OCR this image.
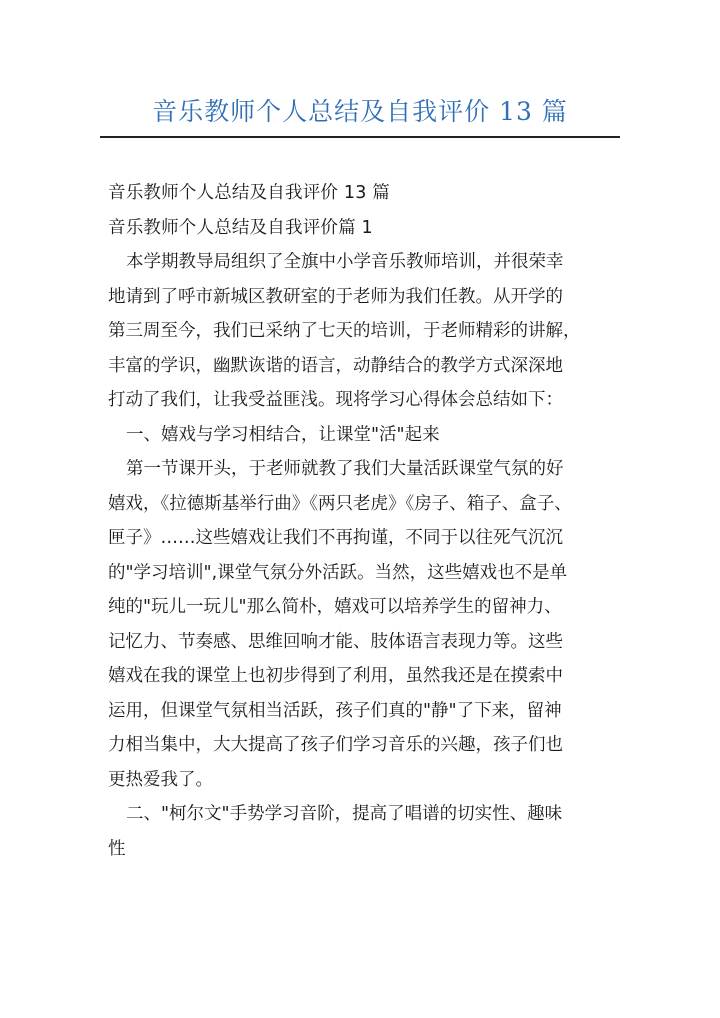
音乐教师个人总结及自我评价 13 篇

音乐教师个人总结及自我评价 13 篇

音乐教师个人总结及自我评价篇 1

本学期教导局组织了全旗中小学音乐教师培训，并很荣幸

地请到了呼市新城区教研室的于老师为我们任教。从开学的

第三周至今，我们已采纳了七天的培训，于老师精彩的讲解，

丰富的学识，幽默诙谐的语言，动静结合的教学方式深深地

打动了我们，让我受益匪浅。现将学习心得体会总结如下：

一、嬉戏与学习相结合，让课堂"活"起来

第一节课开头，于老师就教了我们大量活跃课堂气氛的好

嬉戏，《拉德斯基举行曲》《两只老虎》《房子、箱子、盒子、

匣子》……这些嬉戏让我们不再拘谨，不同于以往死气沉沉

的"学习培训",课堂气氛分外活跃。当然，这些嬉戏也不是单

纯的"玩儿一玩儿"那么简朴，嬉戏可以培养学生的留神力、

记忆力、节奏感、思维回响才能、肢体语言表现力等。这些

嬉戏在我的课堂上也初步得到了利用，虽然我还是在摸索中

运用，但课堂气氛相当活跃，孩子们真的"静"了下来，留神

力相当集中，大大提高了孩子们学习音乐的兴趣，孩子们也

更热爱我了。

二、"柯尔文"手势学习音阶，提高了唱谱的切实性、趣味

性
